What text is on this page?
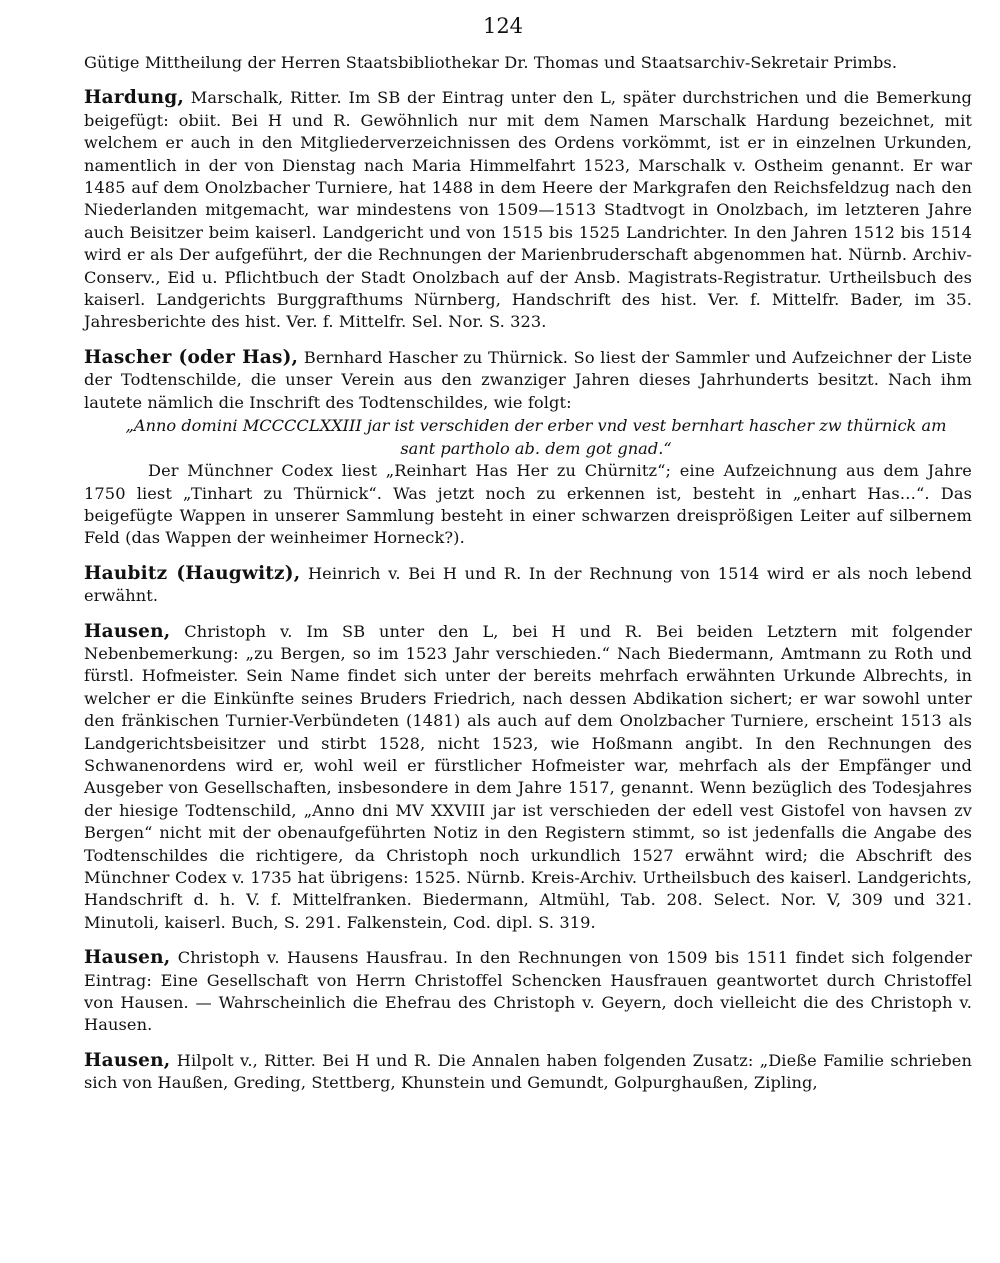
124

Gütige Mittheilung der Herren Staatsbibliothekar Dr. Thomas und Staatsarchiv-Sekretair Primbs.

Hardung, Marschalk, Ritter. Im SB der Eintrag unter den L, später durchstrichen und die Bemerkung beigefügt: obiit. Bei H und R. Gewöhnlich nur mit dem Namen Marschalk Hardung bezeichnet, mit welchem er auch in den Mitgliederverzeichnissen des Ordens vorkömmt, ist er in einzelnen Urkunden, namentlich in der von Dienstag nach Maria Himmelfahrt 1523, Marschalk v. Ostheim genannt. Er war 1485 auf dem Onolzbacher Turniere, hat 1488 in dem Heere der Markgrafen den Reichsfeldzug nach den Niederlanden mitgemacht, war mindestens von 1509—1513 Stadtvogt in Onolzbach, im letzteren Jahre auch Beisitzer beim kaiserl. Landgericht und von 1515 bis 1525 Landrichter. In den Jahren 1512 bis 1514 wird er als Der aufgeführt, der die Rechnungen der Marienbruderschaft abgenommen hat. Nürnb. Archiv-Conserv., Eid u. Pflichtbuch der Stadt Onolzbach auf der Ansb. Magistrats-Registratur. Urtheilsbuch des kaiserl. Landgerichts Burggrafthums Nürnberg, Handschrift des hist. Ver. f. Mittelfr. Bader, im 35. Jahresberichte des hist. Ver. f. Mittelfr. Sel. Nor. S. 323.

Hascher (oder Has), Bernhard Hascher zu Thürnick. So liest der Sammler und Aufzeichner der Liste der Todtenschilde, die unser Verein aus den zwanziger Jahren dieses Jahrhunderts besitzt. Nach ihm lautete nämlich die Inschrift des Todtenschildes, wie folgt:

„Anno domini MCCCCLXXIII jar ist verschiden der erber vnd vest bernhart hascher zw thürnick am sant partholo ab. dem got gnad.“

Der Münchner Codex liest „Reinhart Has Her zu Chürnitz“; eine Aufzeichnung aus dem Jahre 1750 liest „Tinhart zu Thürnick“. Was jetzt noch zu erkennen ist, besteht in „enhart Has…“. Das beigefügte Wappen in unserer Sammlung besteht in einer schwarzen dreisprößigen Leiter auf silbernem Feld (das Wappen der weinheimer Horneck?).

Haubitz (Haugwitz), Heinrich v. Bei H und R. In der Rechnung von 1514 wird er als noch lebend erwähnt.

Hausen, Christoph v. Im SB unter den L, bei H und R. Bei beiden Letztern mit folgender Nebenbemerkung: „zu Bergen, so im 1523 Jahr verschieden.“ Nach Biedermann, Amtmann zu Roth und fürstl. Hofmeister. Sein Name findet sich unter der bereits mehrfach erwähnten Urkunde Albrechts, in welcher er die Einkünfte seines Bruders Friedrich, nach dessen Abdikation sichert; er war sowohl unter den fränkischen Turnier-Verbündeten (1481) als auch auf dem Onolzbacher Turniere, erscheint 1513 als Landgerichtsbeisitzer und stirbt 1528, nicht 1523, wie Hoßmann angibt. In den Rechnungen des Schwanenordens wird er, wohl weil er fürstlicher Hofmeister war, mehrfach als der Empfänger und Ausgeber von Gesellschaften, insbesondere in dem Jahre 1517, genannt. Wenn bezüglich des Todesjahres der hiesige Todtenschild, „Anno dni MV XXVIII jar ist verschieden der edell vest Gistofel von havsen zv Bergen“ nicht mit der obenaufgeführten Notiz in den Registern stimmt, so ist jedenfalls die Angabe des Todtenschildes die richtigere, da Christoph noch urkundlich 1527 erwähnt wird; die Abschrift des Münchner Codex v. 1735 hat übrigens: 1525. Nürnb. Kreis-Archiv. Urtheilsbuch des kaiserl. Landgerichts, Handschrift d. h. V. f. Mittelfranken. Biedermann, Altmühl, Tab. 208. Select. Nor. V, 309 und 321. Minutoli, kaiserl. Buch, S. 291. Falkenstein, Cod. dipl. S. 319.

Hausen, Christoph v. Hausens Hausfrau. In den Rechnungen von 1509 bis 1511 findet sich folgender Eintrag: Eine Gesellschaft von Herrn Christoffel Schencken Hausfrauen geantwortet durch Christoffel von Hausen. — Wahrscheinlich die Ehefrau des Christoph v. Geyern, doch vielleicht die des Christoph v. Hausen.

Hausen, Hilpolt v., Ritter. Bei H und R. Die Annalen haben folgenden Zusatz: „Dieße Familie schrieben sich von Haußen, Greding, Stettberg, Khunstein und Gemundt, Golpurghaußen, Zipling,
